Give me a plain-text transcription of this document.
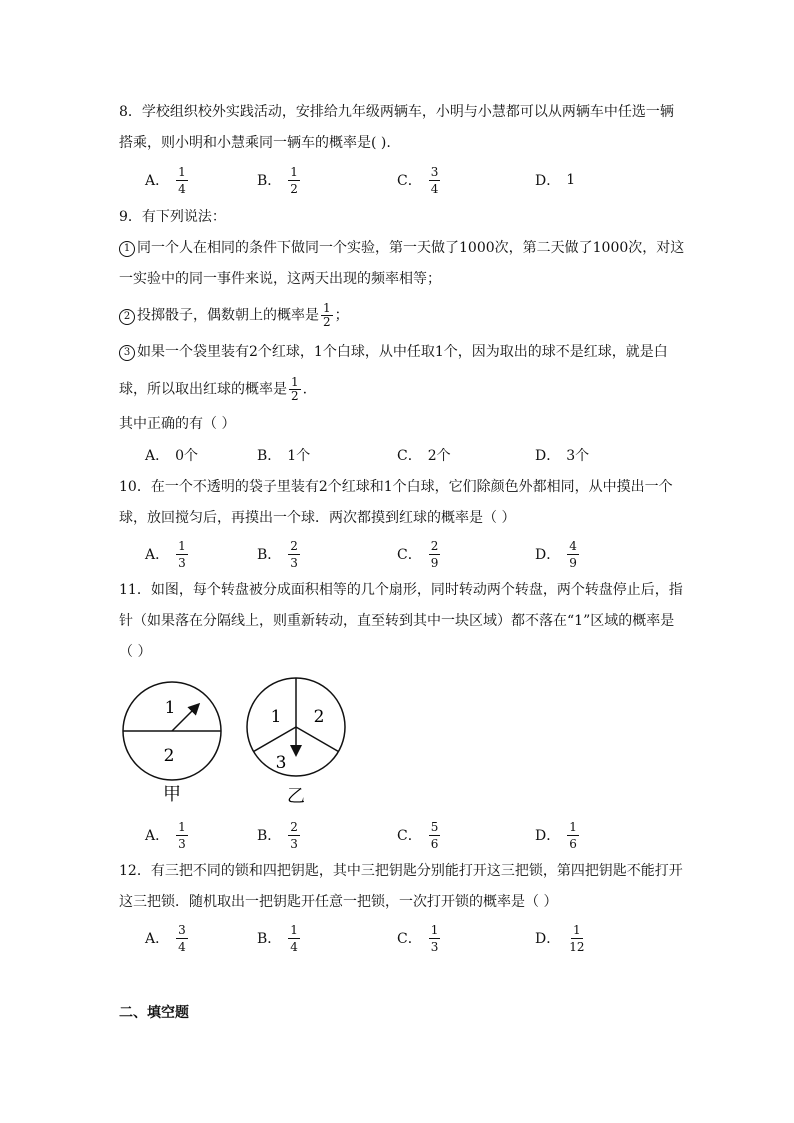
8．学校组织校外实践活动，安排给九年级两辆车，小明与小慧都可以从两辆车中任选一辆
搭乘，则小明和小慧乘同一辆车的概率是( ).
A． $\frac{1}{4}$	B． $\frac{1}{2}$	C． $\frac{3}{4}$	D． 1
9．有下列说法：
1 同一个人在相同的条件下做同一个实验，第一天做了1000次，第二天做了1000次，对这
一实验中的同一事件来说，这两天出现的频率相等；
2 投掷骰子，偶数朝上的概率是 $\frac{1}{2}$ ；
3 如果一个袋里装有2个红球，1个白球，从中任取1个，因为取出的球不是红球，就是白
球，所以取出红球的概率是 $\frac{1}{2}$ .
其中正确的有（ ）
A． 0个	B． 1个	C． 2个	D． 3个
10．在一个不透明的袋子里装有2个红球和1个白球，它们除颜色外都相同，从中摸出一个
球，放回搅匀后，再摸出一个球．两次都摸到红球的概率是（ ）
A． $\frac{1}{3}$	B． $\frac{2}{3}$	C． $\frac{2}{9}$	D． $\frac{4}{9}$
11．如图，每个转盘被分成面积相等的几个扇形，同时转动两个转盘，两个转盘停止后，指
针（如果落在分隔线上，则重新转动，直至转到其中一块区域）都不落在“1”区域的概率是
（ ）
1
2
甲
1 2
3
乙
A． $\frac{1}{3}$	B． $\frac{2}{3}$	C． $\frac{5}{6}$	D． $\frac{1}{6}$
12．有三把不同的锁和四把钥匙，其中三把钥匙分别能打开这三把锁，第四把钥匙不能打开
这三把锁．随机取出一把钥匙开任意一把锁，一次打开锁的概率是（ ）
A． $\frac{3}{4}$	B． $\frac{1}{4}$	C． $\frac{1}{3}$	D． $\frac{1}{12}$
二、填空题
